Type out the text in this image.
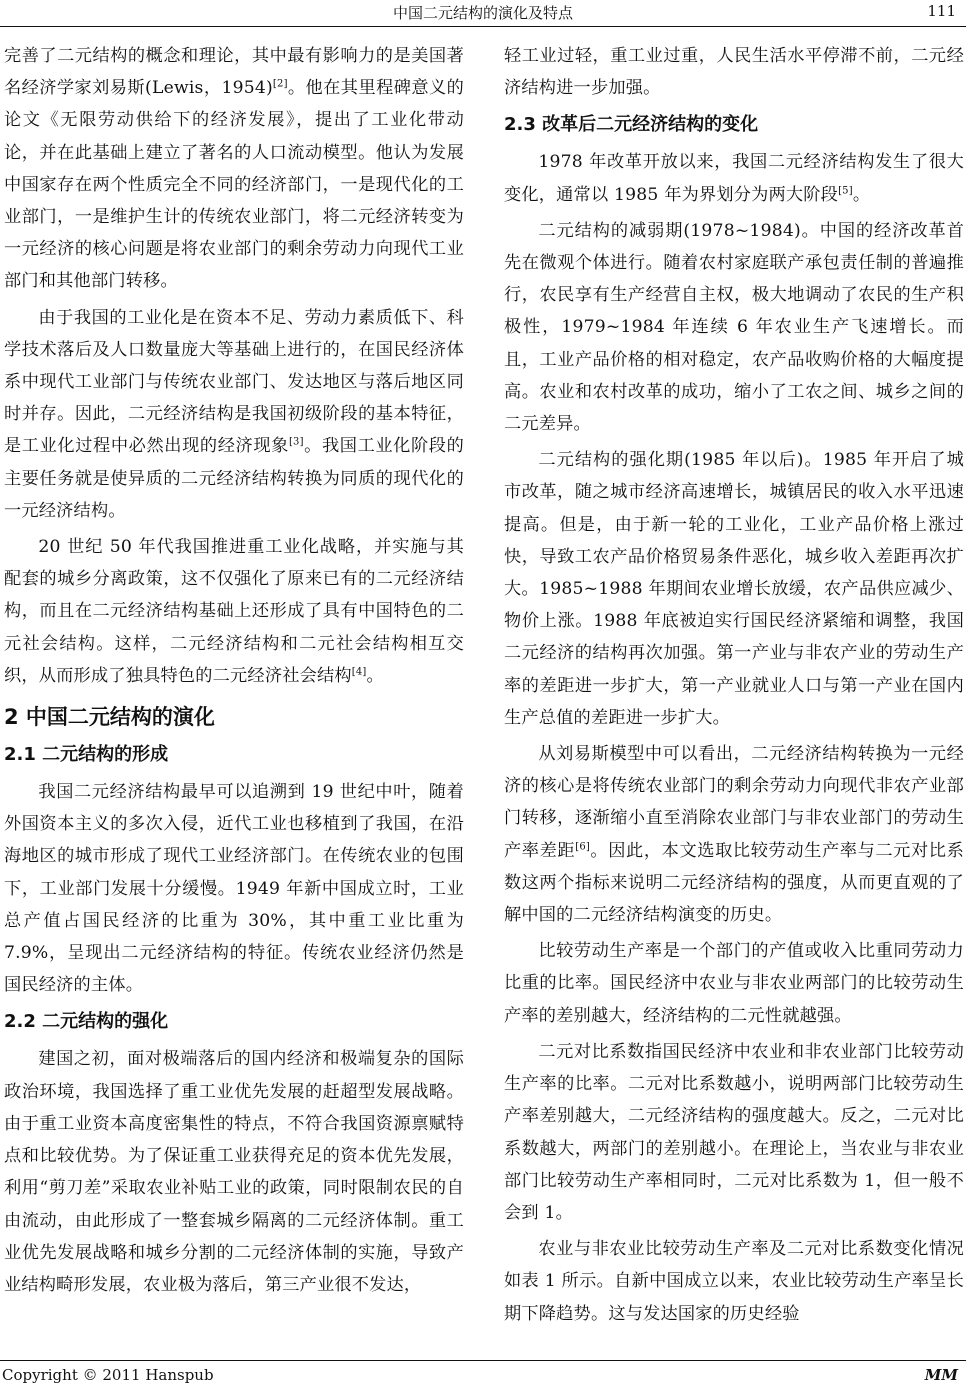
中国二元结构的演化及特点	111

完善了二元结构的概念和理论，其中最有影响力的是美国著名经济学家刘易斯(Lewis，1954)[2]。他在其里程碑意义的论文《无限劳动供给下的经济发展》，提出了工业化带动论，并在此基础上建立了著名的人口流动模型。他认为发展中国家存在两个性质完全不同的经济部门，一是现代化的工业部门，一是维护生计的传统农业部门，将二元经济转变为一元经济的核心问题是将农业部门的剩余劳动力向现代工业部门和其他部门转移。

由于我国的工业化是在资本不足、劳动力素质低下、科学技术落后及人口数量庞大等基础上进行的，在国民经济体系中现代工业部门与传统农业部门、发达地区与落后地区同时并存。因此，二元经济结构是我国初级阶段的基本特征，是工业化过程中必然出现的经济现象[3]。我国工业化阶段的主要任务就是使异质的二元经济结构转换为同质的现代化的一元经济结构。

20 世纪 50 年代我国推进重工业化战略，并实施与其配套的城乡分离政策，这不仅强化了原来已有的二元经济结构，而且在二元经济结构基础上还形成了具有中国特色的二元社会结构。这样，二元经济结构和二元社会结构相互交织，从而形成了独具特色的二元经济社会结构[4]。

2 中国二元结构的演化
2.1 二元结构的形成

我国二元经济结构最早可以追溯到 19 世纪中叶，随着外国资本主义的多次入侵，近代工业也移植到了我国，在沿海地区的城市形成了现代工业经济部门。在传统农业的包围下，工业部门发展十分缓慢。1949 年新中国成立时，工业总产值占国民经济的比重为 30%，其中重工业比重为 7.9%，呈现出二元经济结构的特征。传统农业经济仍然是国民经济的主体。

2.2 二元结构的强化

建国之初，面对极端落后的国内经济和极端复杂的国际政治环境，我国选择了重工业优先发展的赶超型发展战略。由于重工业资本高度密集性的特点，不符合我国资源禀赋特点和比较优势。为了保证重工业获得充足的资本优先发展，利用“剪刀差”采取农业补贴工业的政策，同时限制农民的自由流动，由此形成了一整套城乡隔离的二元经济体制。重工业优先发展战略和城乡分割的二元经济体制的实施，导致产业结构畸形发展，农业极为落后，第三产业很不发达，

轻工业过轻，重工业过重，人民生活水平停滞不前，二元经济结构进一步加强。

2.3 改革后二元经济结构的变化

1978 年改革开放以来，我国二元经济结构发生了很大变化，通常以 1985 年为界划分为两大阶段[5]。

二元结构的减弱期(1978~1984)。中国的经济改革首先在微观个体进行。随着农村家庭联产承包责任制的普遍推行，农民享有生产经营自主权，极大地调动了农民的生产积极性，1979~1984 年连续 6 年农业生产飞速增长。而且，工业产品价格的相对稳定，农产品收购价格的大幅度提高。农业和农村改革的成功，缩小了工农之间、城乡之间的二元差异。

二元结构的强化期(1985 年以后)。1985 年开启了城市改革，随之城市经济高速增长，城镇居民的收入水平迅速提高。但是，由于新一轮的工业化，工业产品价格上涨过快，导致工农产品价格贸易条件恶化，城乡收入差距再次扩大。1985~1988 年期间农业增长放缓，农产品供应减少、物价上涨。1988 年底被迫实行国民经济紧缩和调整，我国二元经济的结构再次加强。第一产业与非农产业的劳动生产率的差距进一步扩大，第一产业就业人口与第一产业在国内生产总值的差距进一步扩大。

从刘易斯模型中可以看出，二元经济结构转换为一元经济的核心是将传统农业部门的剩余劳动力向现代非农产业部门转移，逐渐缩小直至消除农业部门与非农业部门的劳动生产率差距[6]。因此，本文选取比较劳动生产率与二元对比系数这两个指标来说明二元经济结构的强度，从而更直观的了解中国的二元经济结构演变的历史。

比较劳动生产率是一个部门的产值或收入比重同劳动力比重的比率。国民经济中农业与非农业两部门的比较劳动生产率的差别越大，经济结构的二元性就越强。

二元对比系数指国民经济中农业和非农业部门比较劳动生产率的比率。二元对比系数越小，说明两部门比较劳动生产率差别越大，二元经济结构的强度越大。反之，二元对比系数越大，两部门的差别越小。在理论上，当农业与非农业部门比较劳动生产率相同时，二元对比系数为 1，但一般不会到 1。

农业与非农业比较劳动生产率及二元对比系数变化情况如表 1 所示。自新中国成立以来，农业比较劳动生产率呈长期下降趋势。这与发达国家的历史经验

Copyright © 2011 Hanspub	MM
